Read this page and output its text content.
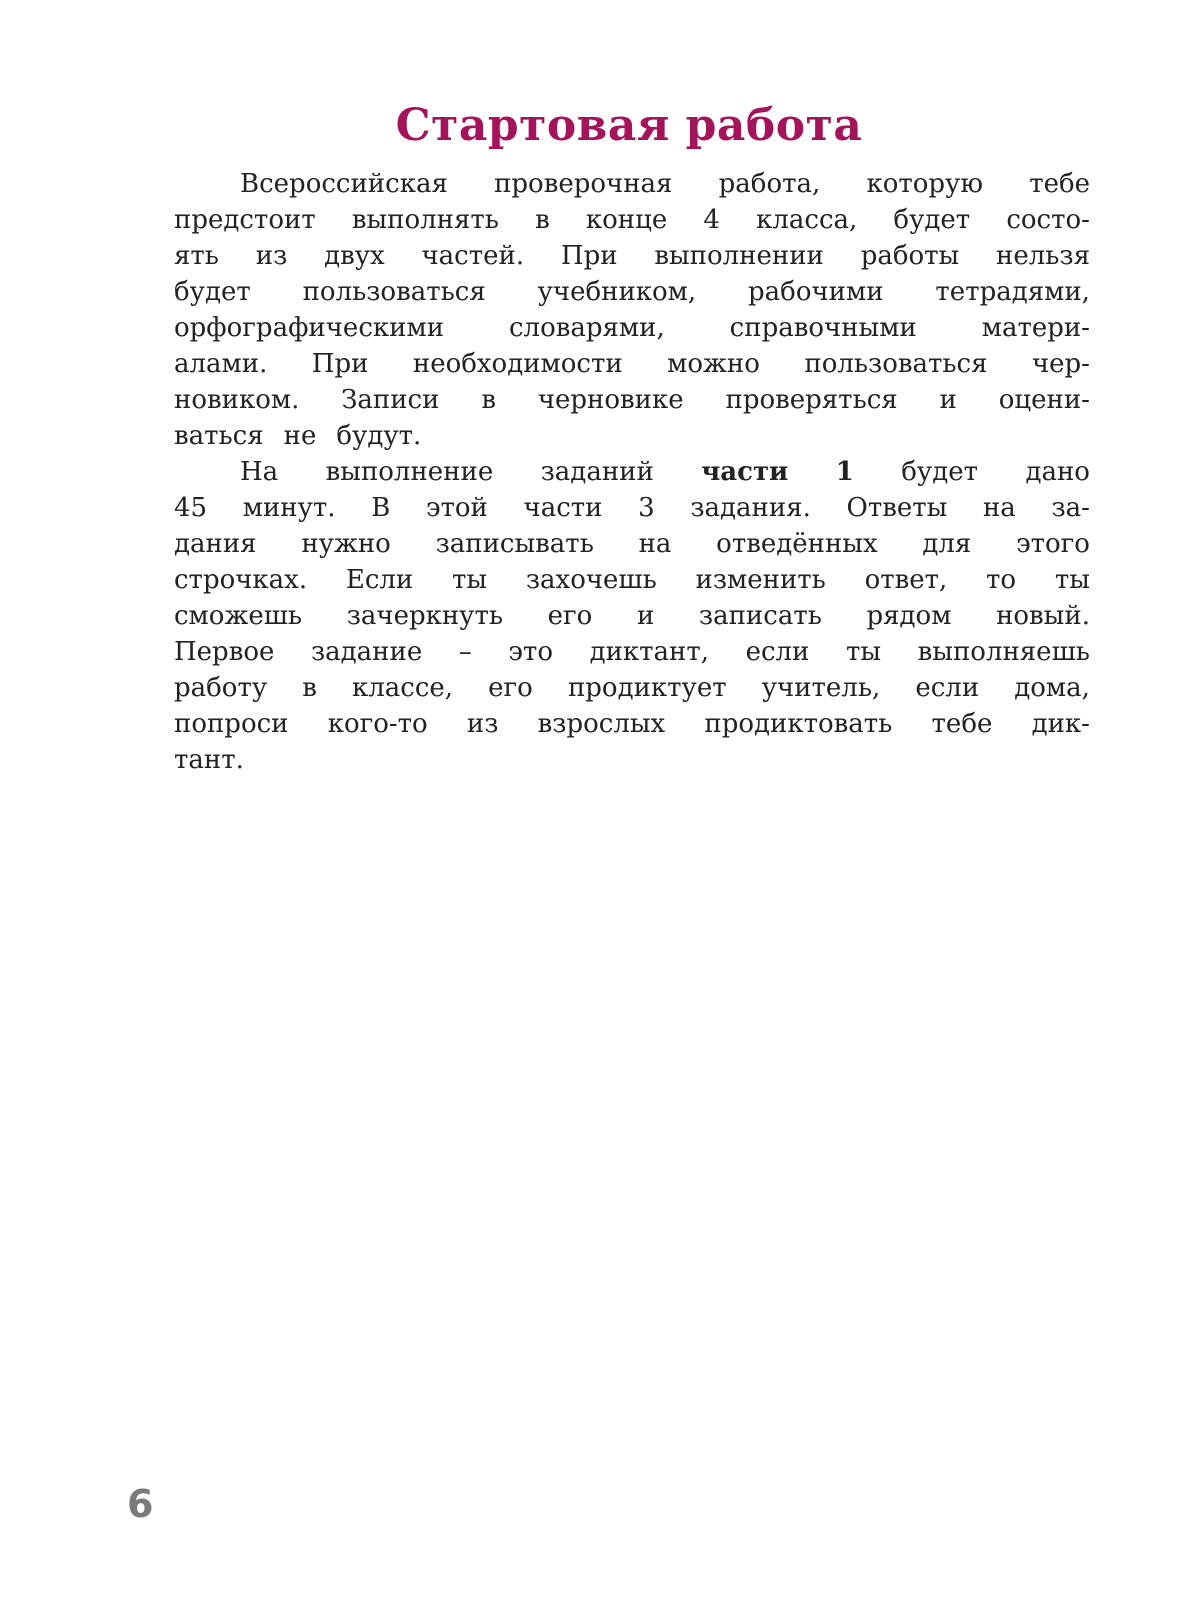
Стартовая работа
Всероссийская проверочная работа, которую тебе
предстоит выполнять в конце 4 класса, будет состо-
ять из двух частей. При выполнении работы нельзя
будет пользоваться учебником, рабочими тетрадями,
орфографическими словарями, справочными матери-
алами. При необходимости можно пользоваться чер-
новиком. Записи в черновике проверяться и оцени-
ваться не будут.
На выполнение заданий части 1 будет дано
45 минут. В этой части 3 задания. Ответы на за-
дания нужно записывать на отведённых для этого
строчках. Если ты захочешь изменить ответ, то ты
сможешь зачеркнуть его и записать рядом новый.
Первое задание – это диктант, если ты выполняешь
работу в классе, его продиктует учитель, если дома,
попроси кого-то из взрослых продиктовать тебе дик-
тант.
6
